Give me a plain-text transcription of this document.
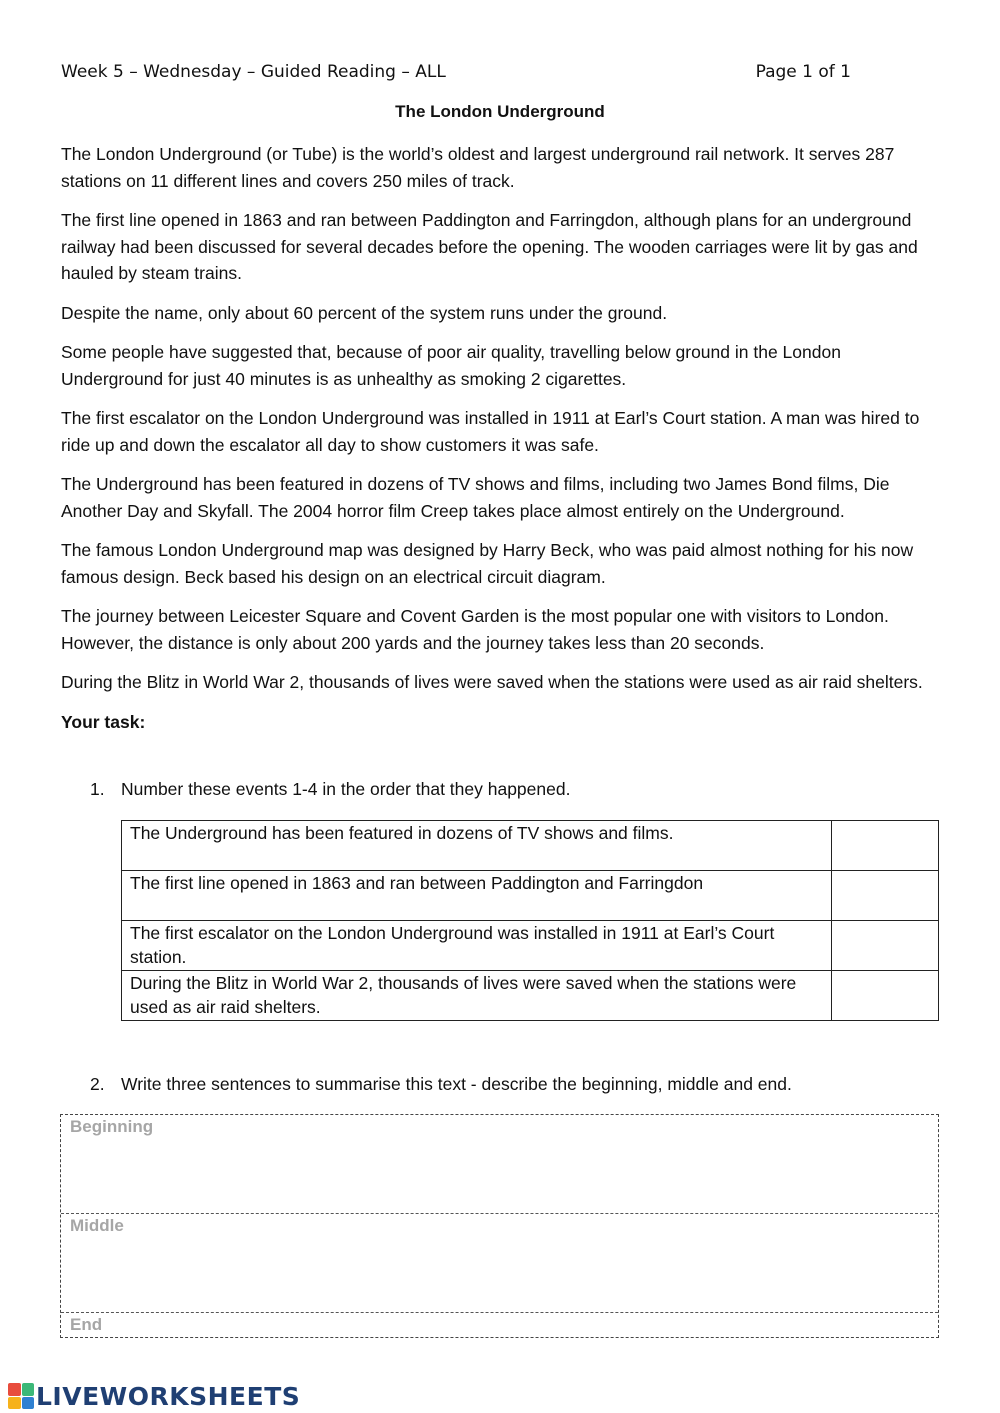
Week 5 – Wednesday – Guided Reading – ALL	Page 1 of 1
The London Underground

The London Underground (or Tube) is the world’s oldest and largest underground rail network. It serves 287 stations on 11 different lines and covers 250 miles of track.

The first line opened in 1863 and ran between Paddington and Farringdon, although plans for an underground railway had been discussed for several decades before the opening. The wooden carriages were lit by gas and hauled by steam trains.

Despite the name, only about 60 percent of the system runs under the ground.

Some people have suggested that, because of poor air quality, travelling below ground in the London Underground for just 40 minutes is as unhealthy as smoking 2 cigarettes.

The first escalator on the London Underground was installed in 1911 at Earl’s Court station. A man was hired to ride up and down the escalator all day to show customers it was safe.

The Underground has been featured in dozens of TV shows and films, including two James Bond films, Die Another Day and Skyfall. The 2004 horror film Creep takes place almost entirely on the Underground.

The famous London Underground map was designed by Harry Beck, who was paid almost nothing for his now famous design. Beck based his design on an electrical circuit diagram.

The journey between Leicester Square and Covent Garden is the most popular one with visitors to London. However, the distance is only about 200 yards and the journey takes less than 20 seconds.

During the Blitz in World War 2, thousands of lives were saved when the stations were used as air raid shelters.

Your task:
1. Number these events 1-4 in the order that they happened.
The Underground has been featured in dozens of TV shows and films.	
The first line opened in 1863 and ran between Paddington and Farringdon	
The first escalator on the London Underground was installed in 1911 at Earl’s Court station.	
During the Blitz in World War 2, thousands of lives were saved when the stations were used as air raid shelters.	
2. Write three sentences to summarise this text - describe the beginning, middle and end.
Beginning
Middle
End
LIVEWORKSHEETS
